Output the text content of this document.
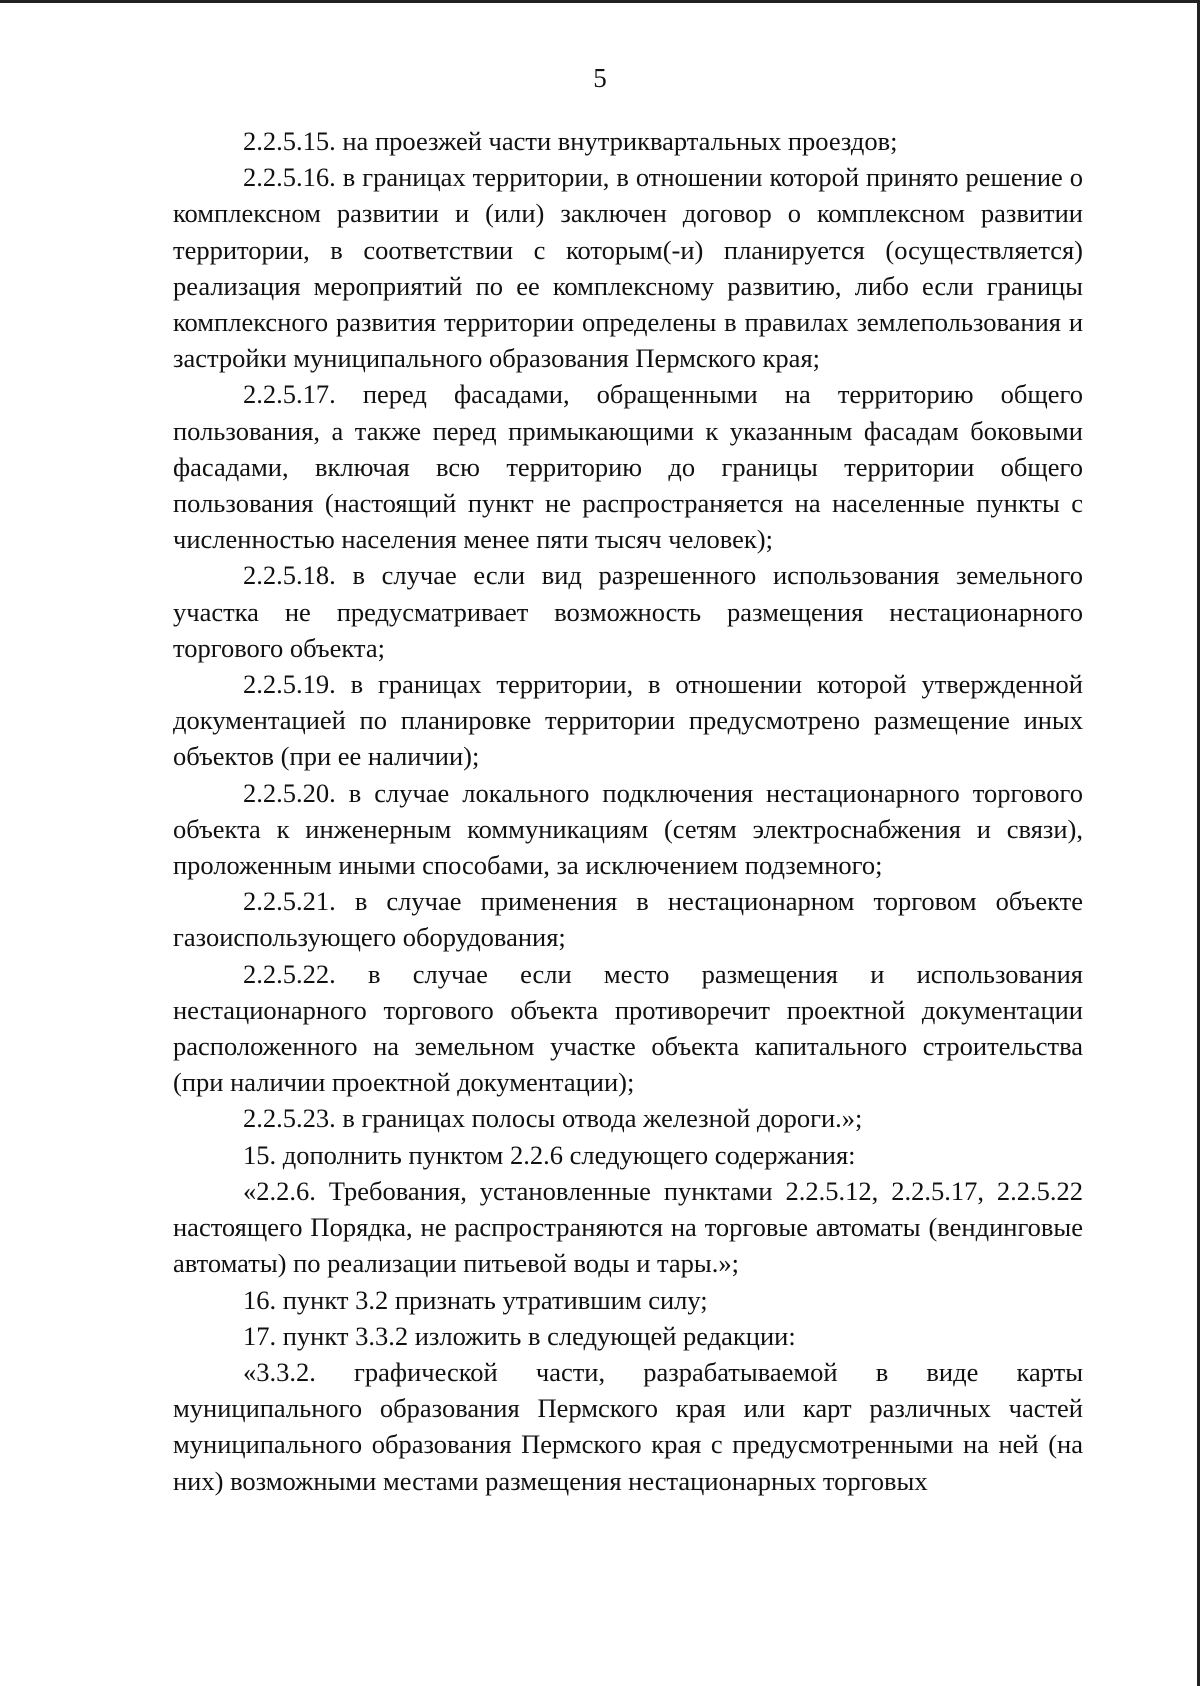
5

2.2.5.15. на проезжей части внутриквартальных проездов;

2.2.5.16. в границах территории, в отношении которой принято решение о комплексном развитии и (или) заключен договор о комплексном развитии территории, в соответствии с которым(-и) планируется (осуществляется) реализация мероприятий по ее комплексному развитию, либо если границы комплексного развития территории определены в правилах землепользования и застройки муниципального образования Пермского края;

2.2.5.17. перед фасадами, обращенными на территорию общего пользования, а также перед примыкающими к указанным фасадам боковыми фасадами, включая всю территорию до границы территории общего пользования (настоящий пункт не распространяется на населенные пункты с численностью населения менее пяти тысяч человек);

2.2.5.18. в случае если вид разрешенного использования земельного участка не предусматривает возможность размещения нестационарного торгового объекта;

2.2.5.19. в границах территории, в отношении которой утвержденной документацией по планировке территории предусмотрено размещение иных объектов (при ее наличии);

2.2.5.20. в случае локального подключения нестационарного торгового объекта к инженерным коммуникациям (сетям электроснабжения и связи), проложенным иными способами, за исключением подземного;

2.2.5.21. в случае применения в нестационарном торговом объекте газоиспользующего оборудования;

2.2.5.22. в случае если место размещения и использования нестационарного торгового объекта противоречит проектной документации расположенного на земельном участке объекта капитального строительства (при наличии проектной документации);

2.2.5.23. в границах полосы отвода железной дороги.»;

15. дополнить пунктом 2.2.6 следующего содержания:

«2.2.6. Требования, установленные пунктами 2.2.5.12, 2.2.5.17, 2.2.5.22 настоящего Порядка, не распространяются на торговые автоматы (вендинговые автоматы) по реализации питьевой воды и тары.»;

16. пункт 3.2 признать утратившим силу;

17. пункт 3.3.2 изложить в следующей редакции:

«3.3.2. графической части, разрабатываемой в виде карты муниципального образования Пермского края или карт различных частей муниципального образования Пермского края с предусмотренными на ней (на них) возможными местами размещения нестационарных торговых
